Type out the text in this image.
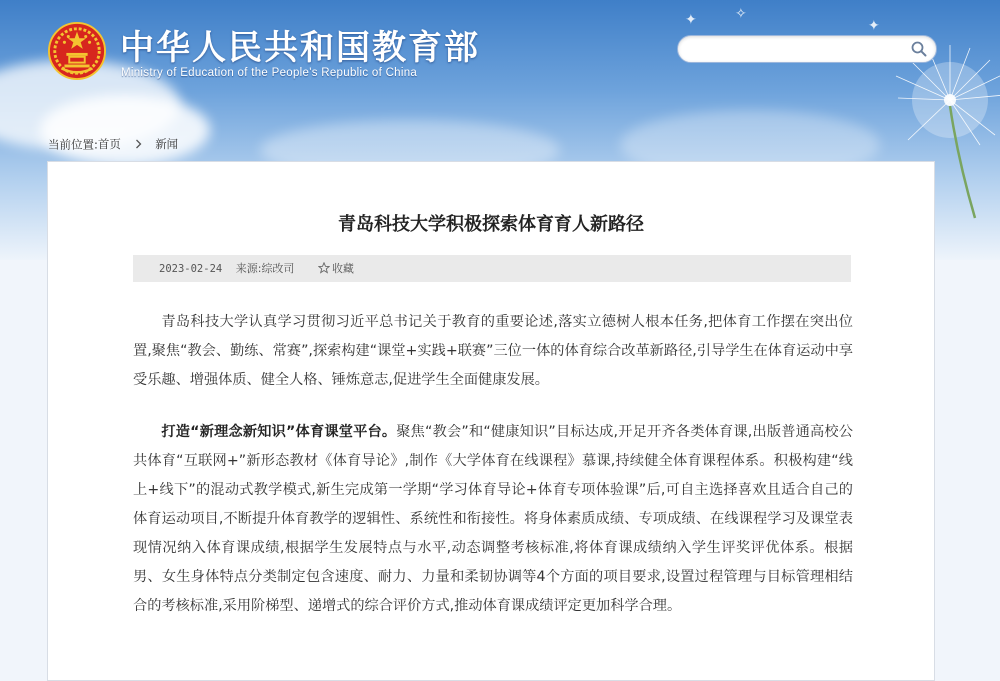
✦	✧
✦
中华人民共和国教育部
Ministry of Education of the People's Republic of China
当前位置:首页	新闻
青岛科技大学积极探索体育育人新路径
2023-02-24 来源:综改司	收藏

青岛科技大学认真学习贯彻习近平总书记关于教育的重要论述,落实立德树人根本任务,把体育工作摆在突出位置,聚焦“教会、勤练、常赛”,探索构建“课堂+实践+联赛”三位一体的体育综合改革新路径,引导学生在体育运动中享受乐趣、增强体质、健全人格、锤炼意志,促进学生全面健康发展。

打造“新理念新知识”体育课堂平台。聚焦“教会”和“健康知识”目标达成,开足开齐各类体育课,出版普通高校公共体育“互联网+”新形态教材《体育导论》,制作《大学体育在线课程》慕课,持续健全体育课程体系。积极构建“线上+线下”的混动式教学模式,新生完成第一学期“学习体育导论+体育专项体验课”后,可自主选择喜欢且适合自己的体育运动项目,不断提升体育教学的逻辑性、系统性和衔接性。将身体素质成绩、专项成绩、在线课程学习及课堂表现情况纳入体育课成绩,根据学生发展特点与水平,动态调整考核标准,将体育课成绩纳入学生评奖评优体系。根据男、女生身体特点分类制定包含速度、耐力、力量和柔韧协调等4个方面的项目要求,设置过程管理与目标管理相结合的考核标准,采用阶梯型、递增式的综合评价方式,推动体育课成绩评定更加科学合理。
